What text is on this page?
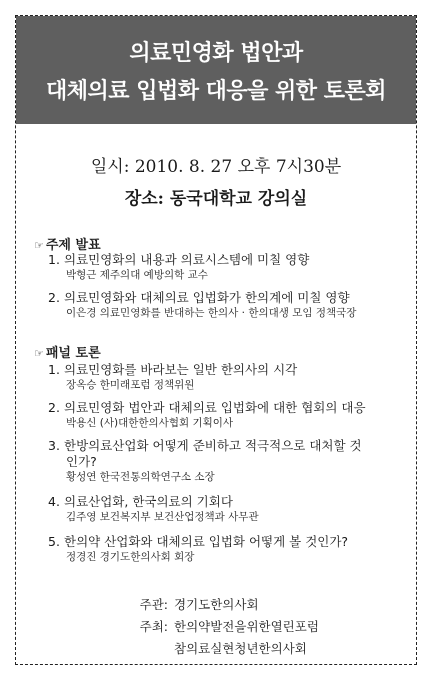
의료민영화 법안과
대체의료 입법화 대응을 위한 토론회
일시: 2010. 8. 27 오후 7시30분
장소: 동국대학교 강의실
☞ 주제 발표
1. 의료민영화의 내용과 의료시스템에 미칠 영향
박형근 제주의대 예방의학 교수
2. 의료민영화와 대체의료 입법화가 한의계에 미칠 영향
이은경 의료민영화를 반대하는 한의사 · 한의대생 모임 정책국장
☞ 패널 토론
1. 의료민영화를 바라보는 일반 한의사의 시각
장옥승 한미래포럼 정책위원
2. 의료민영화 법안과 대체의료 입법화에 대한 협회의 대응
박용신 (사)대한한의사협회 기획이사
3. 한방의료산업화 어떻게 준비하고 적극적으로 대처할 것
인가?
황성연 한국전통의학연구소 소장
4. 의료산업화, 한국의료의 기회다
김주영 보건복지부 보건산업정책과 사무관
5. 한의약 산업화와 대체의료 입법화 어떻게 볼 것인가?
정경진 경기도한의사회 회장
주관: 경기도한의사회
주최: 한의약발전을위한열린포럼
참의료실현청년한의사회
